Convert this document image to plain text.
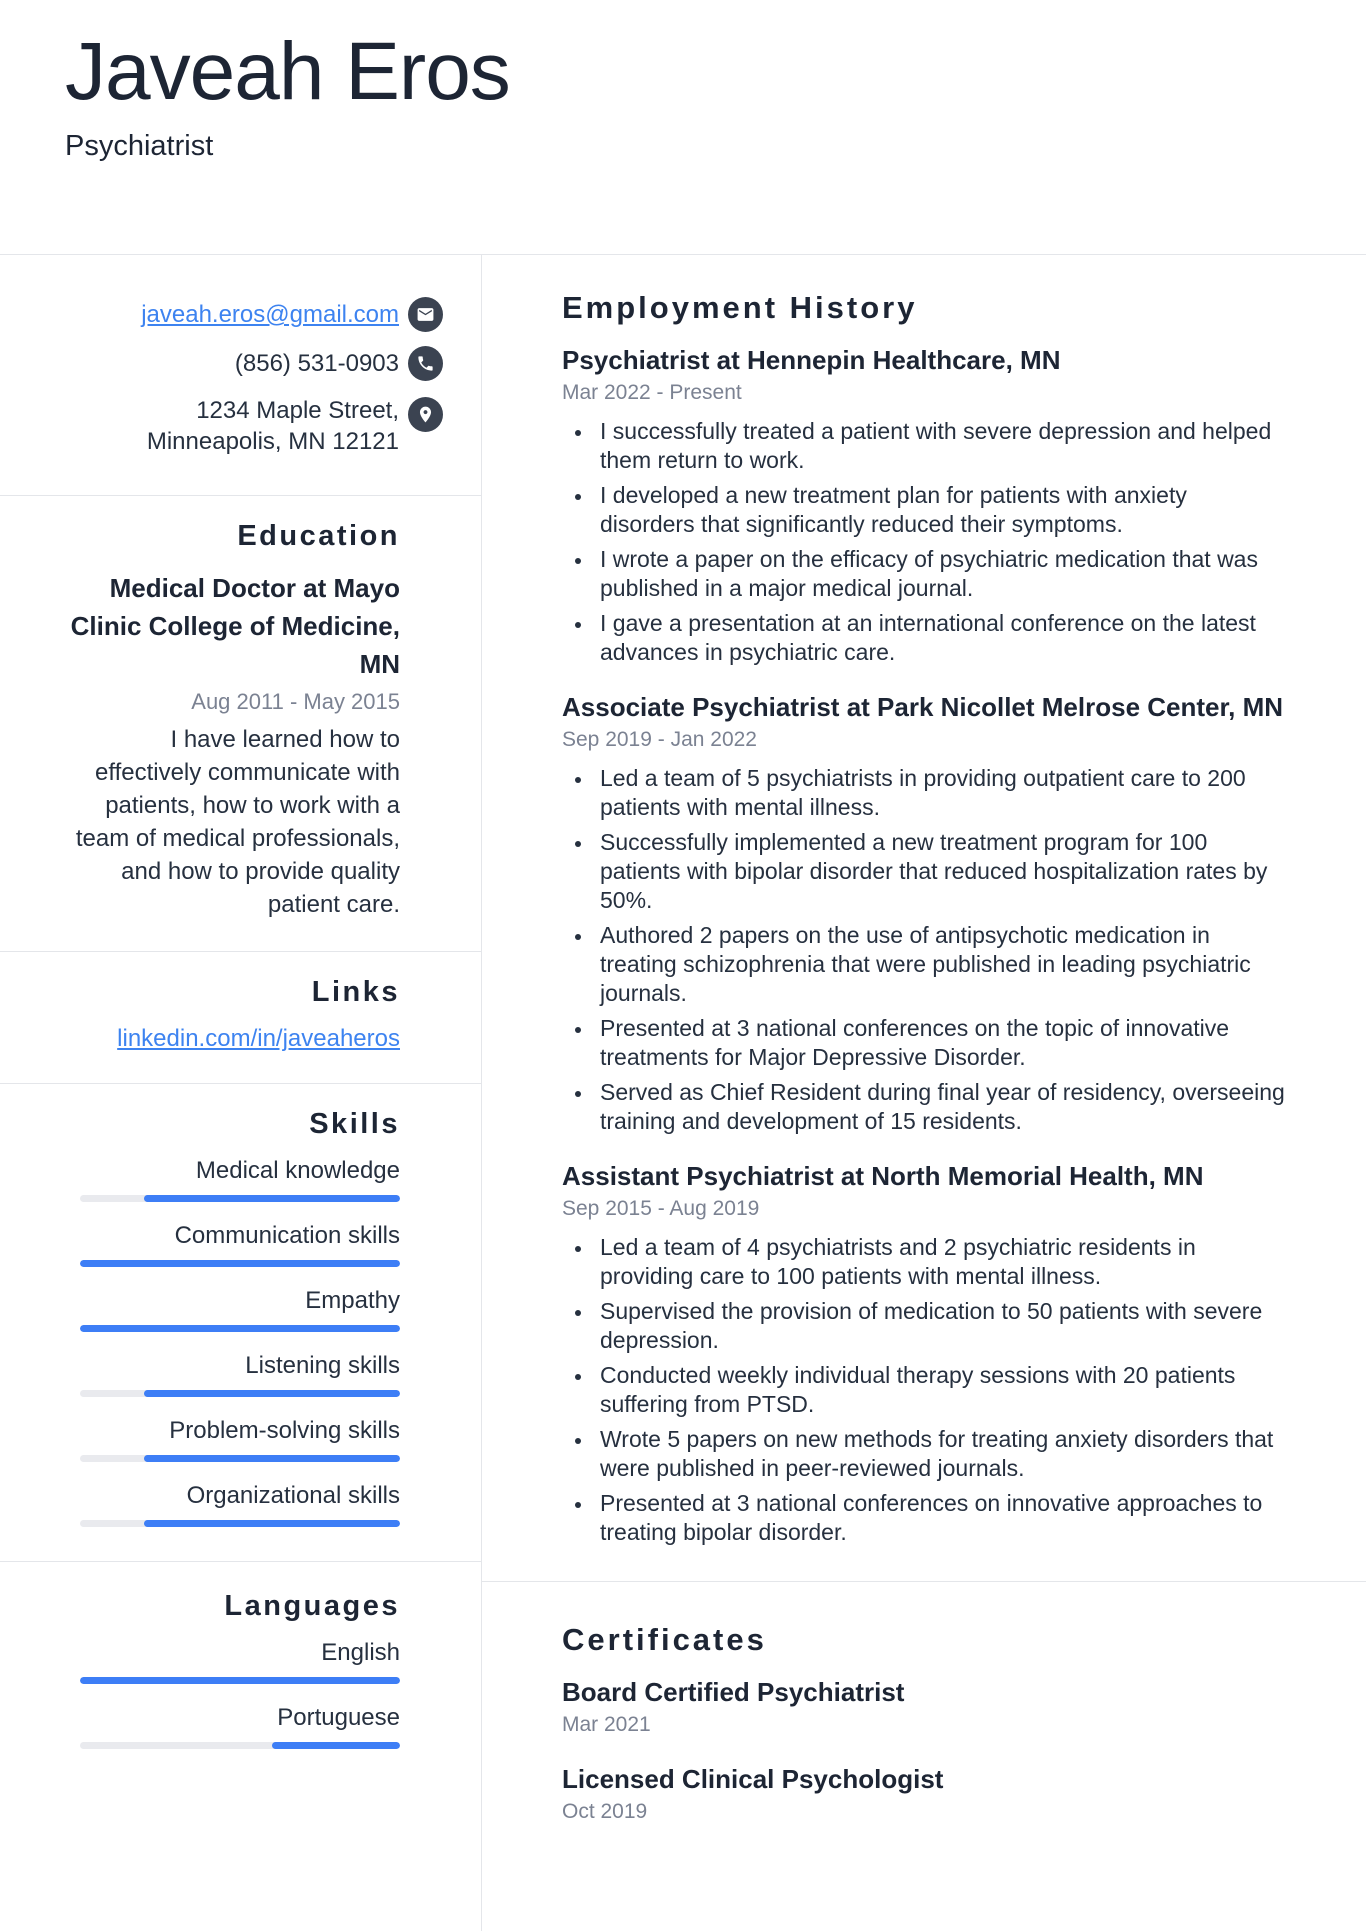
Javeah Eros
Psychiatrist
javeah.eros@gmail.com
(856) 531-0903
1234 Maple Street, Minneapolis, MN 12121
Education
Medical Doctor at Mayo Clinic College of Medicine, MN
Aug 2011 - May 2015
I have learned how to effectively communicate with patients, how to work with a team of medical professionals, and how to provide quality patient care.
Links
linkedin.com/in/javeaheros
Skills
Medical knowledge
Communication skills
Empathy
Listening skills
Problem-solving skills
Organizational skills
Languages
English
Portuguese
Employment History
Psychiatrist at Hennepin Healthcare, MN
Mar 2022 - Present
• I successfully treated a patient with severe depression and helped them return to work.
• I developed a new treatment plan for patients with anxiety disorders that significantly reduced their symptoms.
• I wrote a paper on the efficacy of psychiatric medication that was published in a major medical journal.
• I gave a presentation at an international conference on the latest advances in psychiatric care.
Associate Psychiatrist at Park Nicollet Melrose Center, MN
Sep 2019 - Jan 2022
• Led a team of 5 psychiatrists in providing outpatient care to 200 patients with mental illness.
• Successfully implemented a new treatment program for 100 patients with bipolar disorder that reduced hospitalization rates by 50%.
• Authored 2 papers on the use of antipsychotic medication in treating schizophrenia that were published in leading psychiatric journals.
• Presented at 3 national conferences on the topic of innovative treatments for Major Depressive Disorder.
• Served as Chief Resident during final year of residency, overseeing training and development of 15 residents.
Assistant Psychiatrist at North Memorial Health, MN
Sep 2015 - Aug 2019
• Led a team of 4 psychiatrists and 2 psychiatric residents in providing care to 100 patients with mental illness.
• Supervised the provision of medication to 50 patients with severe depression.
• Conducted weekly individual therapy sessions with 20 patients suffering from PTSD.
• Wrote 5 papers on new methods for treating anxiety disorders that were published in peer-reviewed journals.
• Presented at 3 national conferences on innovative approaches to treating bipolar disorder.
Certificates
Board Certified Psychiatrist
Mar 2021
Licensed Clinical Psychologist
Oct 2019
